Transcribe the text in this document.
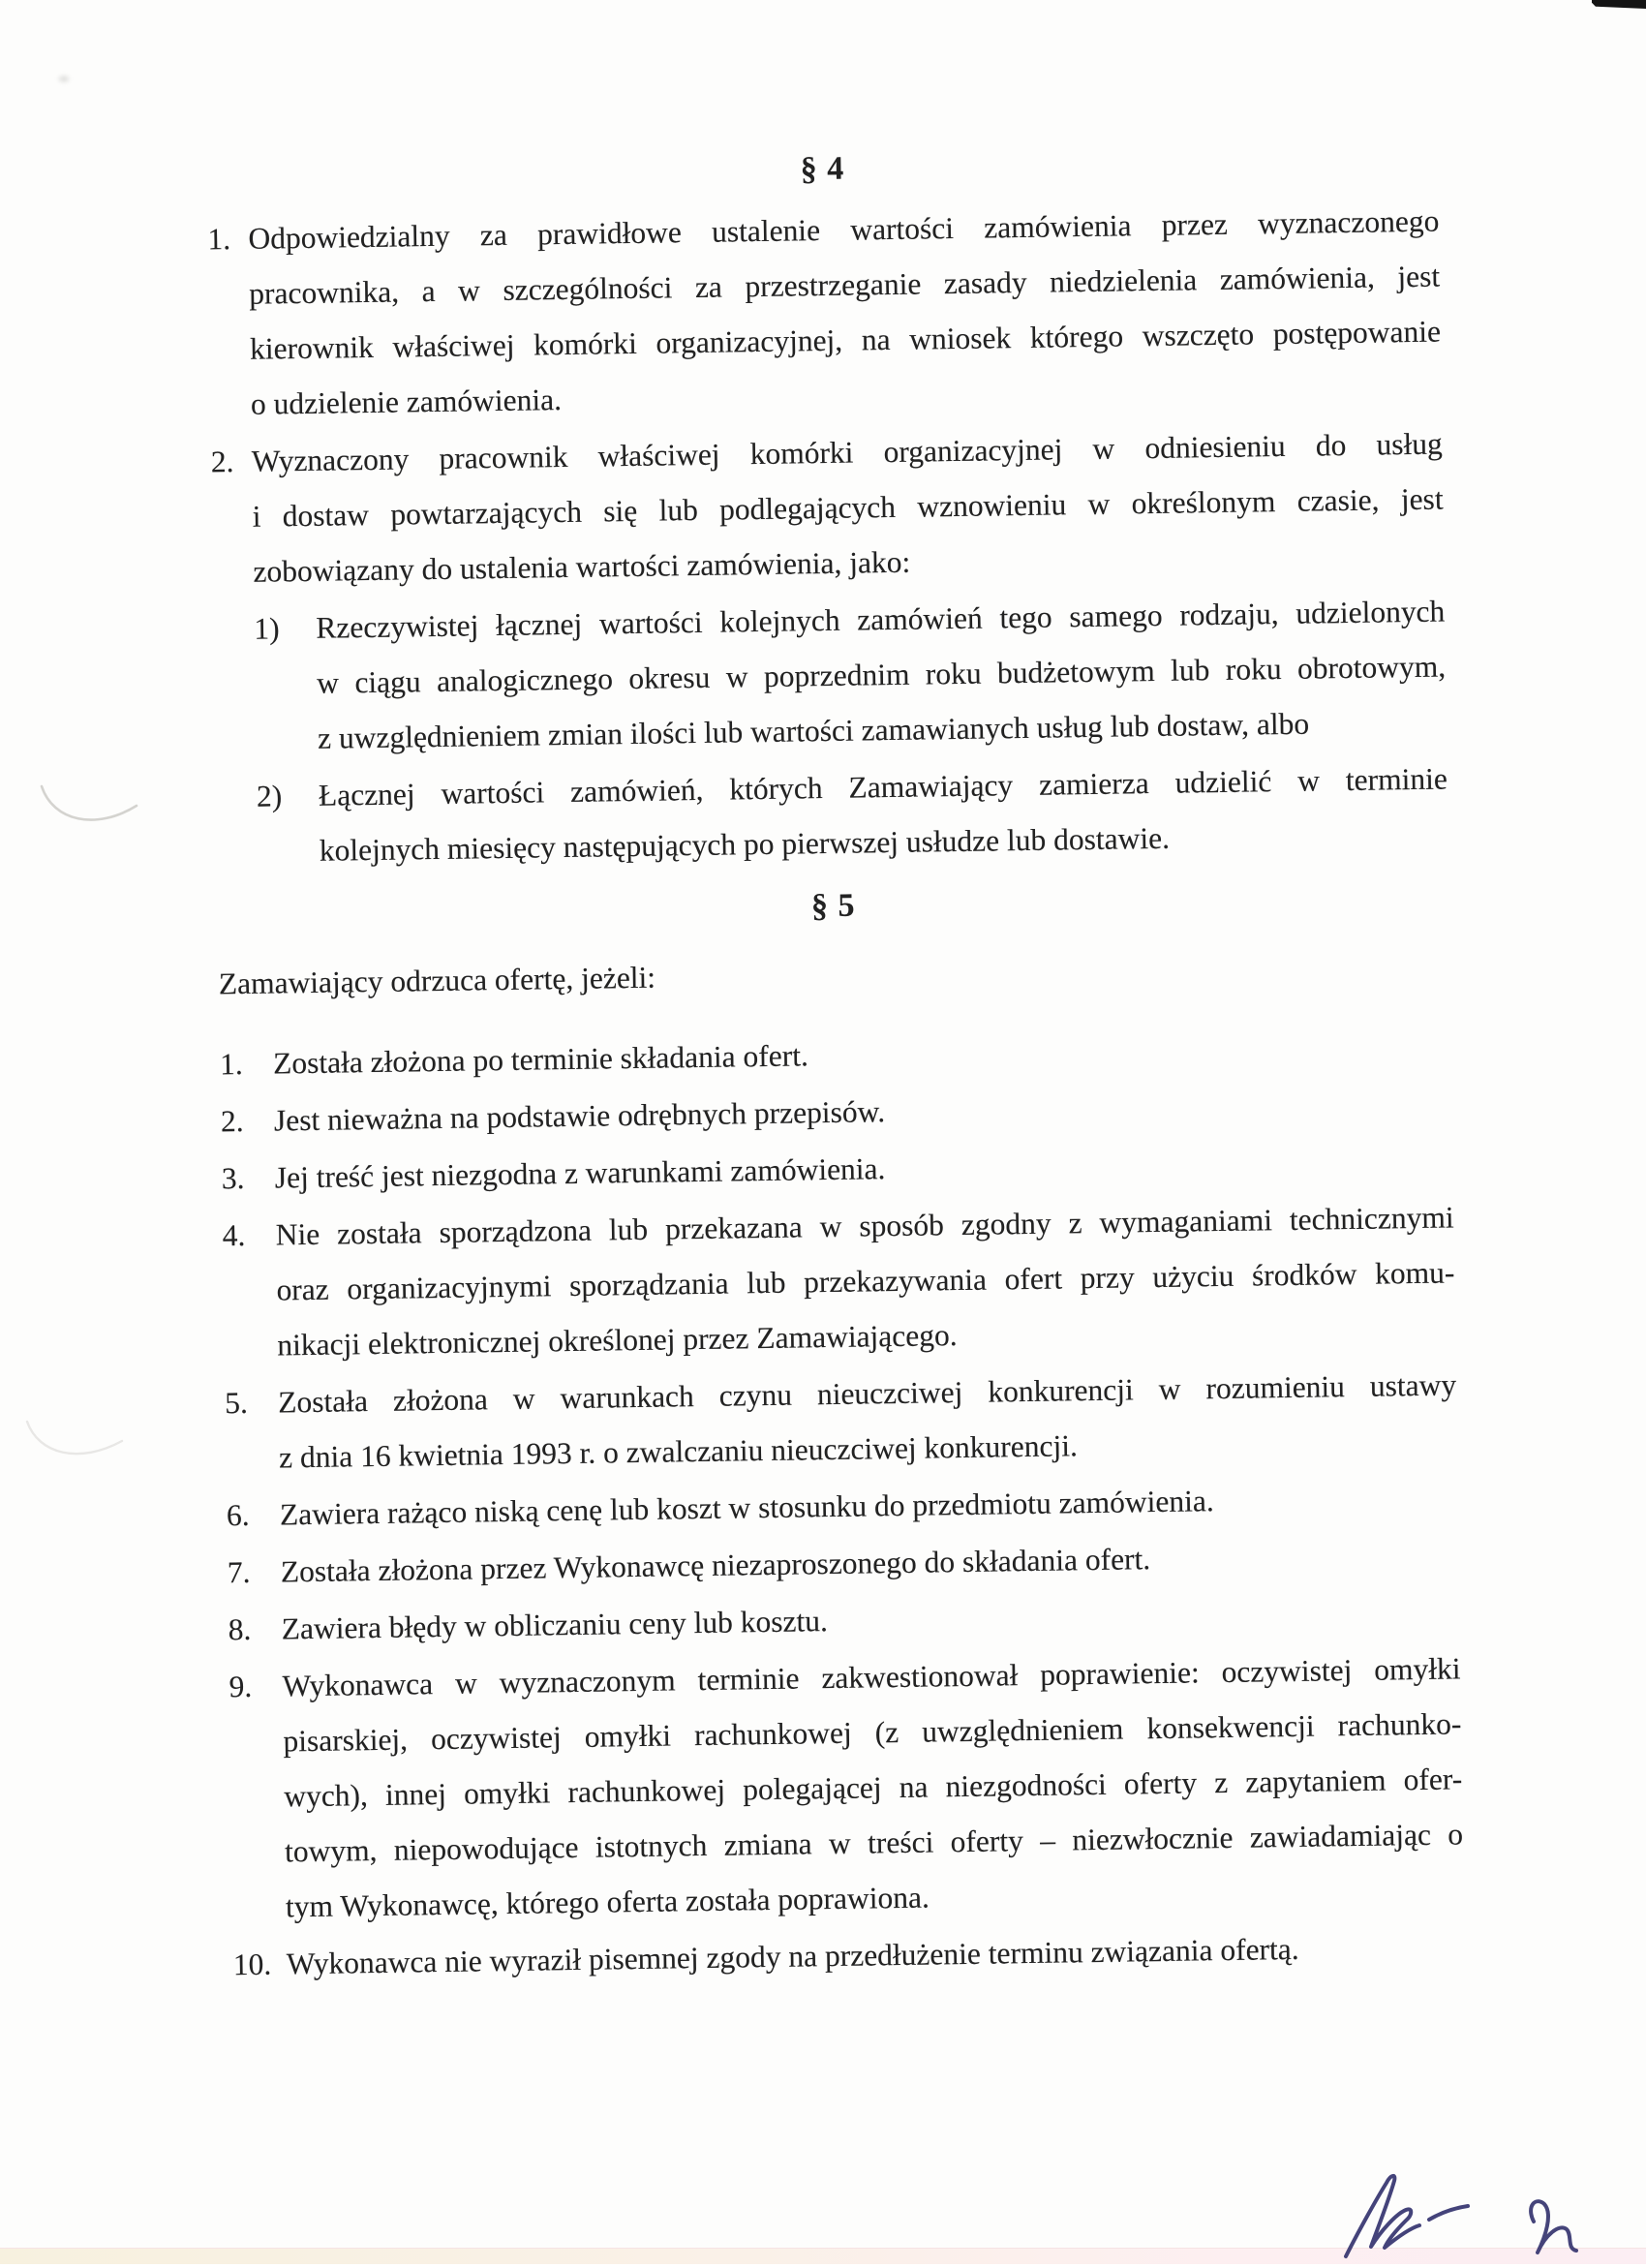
§ 4
1. Odpowiedzialny za prawidłowe ustalenie wartości zamówienia przez wyznaczonego
pracownika, a w szczególności za przestrzeganie zasady niedzielenia zamówienia, jest
kierownik właściwej komórki organizacyjnej, na wniosek którego wszczęto postępowanie
o udzielenie zamówienia.
2. Wyznaczony pracownik właściwej komórki organizacyjnej w odniesieniu do usług
i dostaw powtarzających się lub podlegających wznowieniu w określonym czasie, jest
zobowiązany do ustalenia wartości zamówienia, jako:
1)	Rzeczywistej łącznej wartości kolejnych zamówień tego samego rodzaju, udzielonych
w ciągu analogicznego okresu w poprzednim roku budżetowym lub roku obrotowym,
z uwzględnieniem zmian ilości lub wartości zamawianych usług lub dostaw, albo
2)	Łącznej wartości zamówień, których Zamawiający zamierza udzielić w terminie
kolejnych miesięcy następujących po pierwszej usłudze lub dostawie.
§ 5
Zamawiający odrzuca ofertę, jeżeli:
1. Została złożona po terminie składania ofert.
2. Jest nieważna na podstawie odrębnych przepisów.
3. Jej treść jest niezgodna z warunkami zamówienia.
4. Nie została sporządzona lub przekazana w sposób zgodny z wymaganiami technicznymi
oraz organizacyjnymi sporządzania lub przekazywania ofert przy użyciu środków komu-
nikacji elektronicznej określonej przez Zamawiającego.
5. Została złożona w warunkach czynu nieuczciwej konkurencji w rozumieniu ustawy
z dnia 16 kwietnia 1993 r. o zwalczaniu nieuczciwej konkurencji.
6. Zawiera rażąco niską cenę lub koszt w stosunku do przedmiotu zamówienia.
7. Została złożona przez Wykonawcę niezaproszonego do składania ofert.
8. Zawiera błędy w obliczaniu ceny lub kosztu.
9. Wykonawca w wyznaczonym terminie zakwestionował poprawienie: oczywistej omyłki
pisarskiej, oczywistej omyłki rachunkowej (z uwzględnieniem konsekwencji rachunko-
wych), innej omyłki rachunkowej polegającej na niezgodności oferty z zapytaniem ofer-
towym, niepowodujące istotnych zmiana w treści oferty – niezwłocznie zawiadamiając o
tym Wykonawcę, którego oferta została poprawiona.
10. Wykonawca nie wyraził pisemnej zgody na przedłużenie terminu związania ofertą.
